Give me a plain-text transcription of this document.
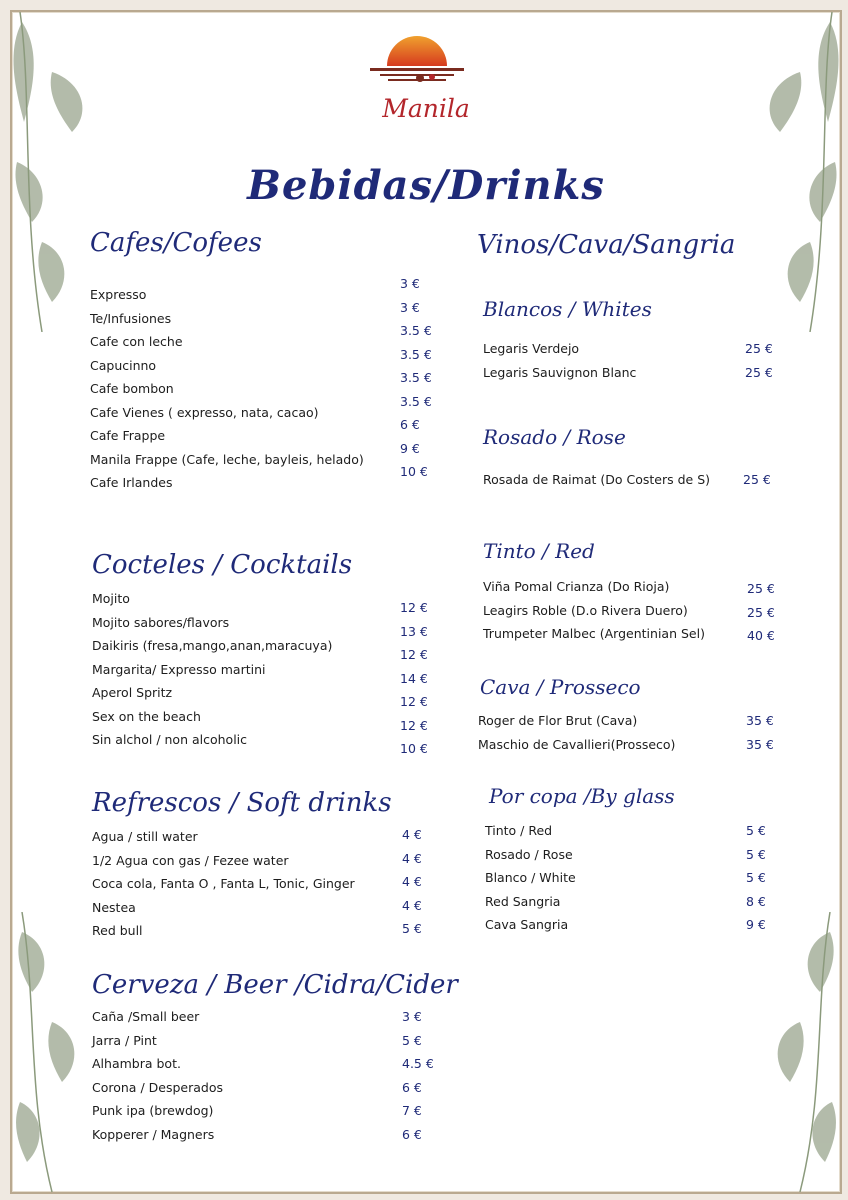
Manila
Bebidas/Drinks
Cafes/Cofees
Expresso
Te/Infusiones
Cafe con leche
Capucinno
Cafe bombon
Cafe Vienes ( expresso, nata, cacao)
Cafe Frappe
Manila Frappe (Cafe, leche, bayleis, helado)
Cafe Irlandes
3 €
3 €
3.5 €
3.5 €
3.5 €
3.5 €
6 €
9 €
10 €
Cocteles / Cocktails
Mojito
Mojito sabores/flavors
Daikiris (fresa,mango,anan,maracuya)
Margarita/ Expresso martini
Aperol Spritz
Sex on the beach
Sin alchol / non alcoholic
12 €
13 €
12 €
14 €
12 €
12 €
10 €
Refrescos / Soft drinks
Agua / still water
1/2 Agua con gas / Fezee water
Coca cola, Fanta O , Fanta L, Tonic, Ginger
Nestea
Red bull
4 €
4 €
4 €
4 €
5 €
Cerveza / Beer /Cidra/Cider
Caña /Small beer
Jarra / Pint
Alhambra bot.
Corona / Desperados
Punk ipa (brewdog)
Kopperer / Magners
3 €
5 €
4.5 €
6 €
7 €
6 €
Vinos/Cava/Sangria
Blancos / Whites
Legaris Verdejo
Legaris Sauvignon Blanc
25 €
25 €
Rosado / Rose
Rosada de Raimat (Do Costers de S)	25 €
Tinto / Red
Viña Pomal Crianza (Do Rioja)
Leagirs Roble (D.o Rivera Duero)
Trumpeter Malbec (Argentinian Sel)
25 €
25 €
40 €
Cava / Prosseco
Roger de Flor Brut (Cava)
Maschio de Cavallieri(Prosseco)
35 €
35 €
Por copa /By glass
Tinto / Red
Rosado / Rose
Blanco / White
Red Sangria
Cava Sangria
5 €
5 €
5 €
8 €
9 €
